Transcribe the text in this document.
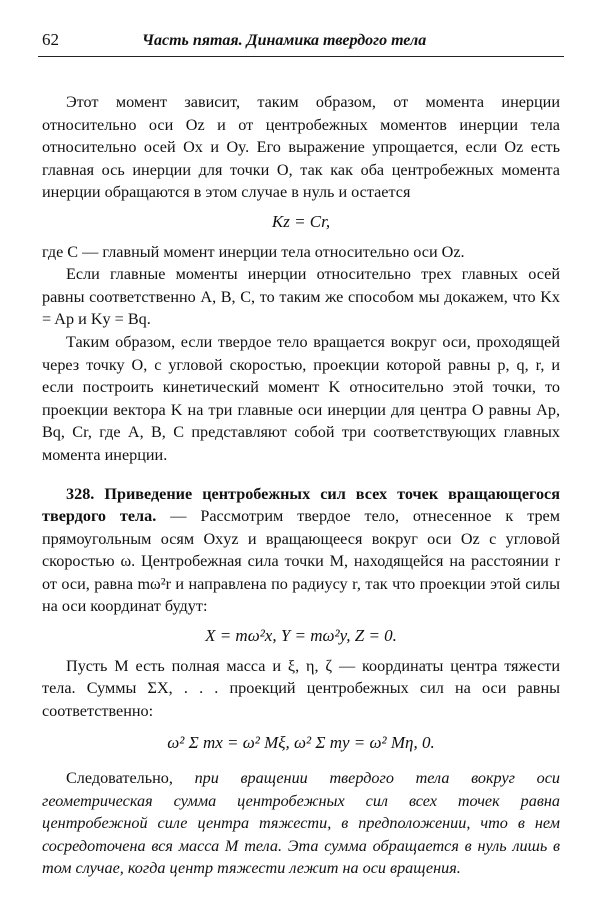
62	Часть пятая. Динамика твердого тела

Этот момент зависит, таким образом, от момента инерции относительно оси Oz и от центробежных моментов инерции тела относительно осей Ox и Oy. Его выражение упрощается, если Oz есть главная ось инерции для точки O, так как оба центробежных момента инерции обращаются в этом случае в нуль и остается

Kz = Cr,

где C — главный момент инерции тела относительно оси Oz.

Если главные моменты инерции относительно трех главных осей равны соответственно A, B, C, то таким же способом мы докажем, что Kx = Ap и Ky = Bq.

Таким образом, если твердое тело вращается вокруг оси, проходящей через точку O, с угловой скоростью, проекции которой равны p, q, r, и если построить кинетический момент K относительно этой точки, то проекции вектора K на три главные оси инерции для центра O равны Ap, Bq, Cr, где A, B, C представляют собой три соответствующих главных момента инерции.

328. Приведение центробежных сил всех точек вращающегося твердого тела. — Рассмотрим твердое тело, отнесенное к трем прямоугольным осям Oxyz и вращающееся вокруг оси Oz с угловой скоростью ω. Центробежная сила точки M, находящейся на расстоянии r от оси, равна mω²r и направлена по радиусу r, так что проекции этой силы на оси координат будут:

X = mω²x, Y = mω²y, Z = 0.

Пусть M есть полная масса и ξ, η, ζ — координаты центра тяжести тела. Суммы ΣX, . . . проекций центробежных сил на оси равны соответственно:

ω² Σ mx = ω² Mξ, ω² Σ my = ω² Mη, 0.

Следовательно, при вращении твердого тела вокруг оси геометрическая сумма центробежных сил всех точек равна центробежной силе центра тяжести, в предположении, что в нем сосредоточена вся масса M тела. Эта сумма обращается в нуль лишь в том случае, когда центр тяжести лежит на оси вращения.
